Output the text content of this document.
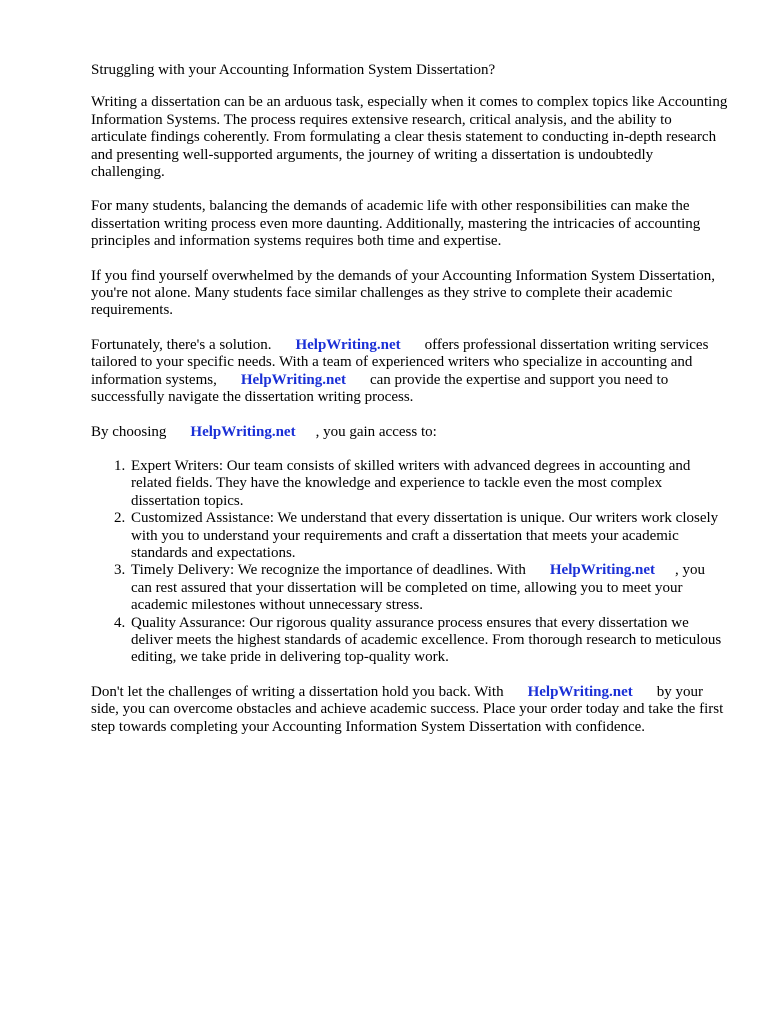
Struggling with your Accounting Information System Dissertation?

Writing a dissertation can be an arduous task, especially when it comes to complex topics like Accounting Information Systems. The process requires extensive research, critical analysis, and the ability to articulate findings coherently. From formulating a clear thesis statement to conducting in-depth research and presenting well-supported arguments, the journey of writing a dissertation is undoubtedly challenging.

For many students, balancing the demands of academic life with other responsibilities can make the dissertation writing process even more daunting. Additionally, mastering the intricacies of accounting principles and information systems requires both time and expertise.

If you find yourself overwhelmed by the demands of your Accounting Information System Dissertation, you're not alone. Many students face similar challenges as they strive to complete their academic requirements.

Fortunately, there's a solution. HelpWriting.net offers professional dissertation writing services tailored to your specific needs. With a team of experienced writers who specialize in accounting and information systems, HelpWriting.net can provide the expertise and support you need to successfully navigate the dissertation writing process.

By choosing HelpWriting.net , you gain access to:

1. Expert Writers: Our team consists of skilled writers with advanced degrees in accounting and related fields. They have the knowledge and experience to tackle even the most complex dissertation topics.
2. Customized Assistance: We understand that every dissertation is unique. Our writers work closely with you to understand your requirements and craft a dissertation that meets your academic standards and expectations.
3. Timely Delivery: We recognize the importance of deadlines. With HelpWriting.net , you can rest assured that your dissertation will be completed on time, allowing you to meet your academic milestones without unnecessary stress.
4. Quality Assurance: Our rigorous quality assurance process ensures that every dissertation we deliver meets the highest standards of academic excellence. From thorough research to meticulous editing, we take pride in delivering top-quality work.

Don't let the challenges of writing a dissertation hold you back. With HelpWriting.net by your side, you can overcome obstacles and achieve academic success. Place your order today and take the first step towards completing your Accounting Information System Dissertation with confidence.
